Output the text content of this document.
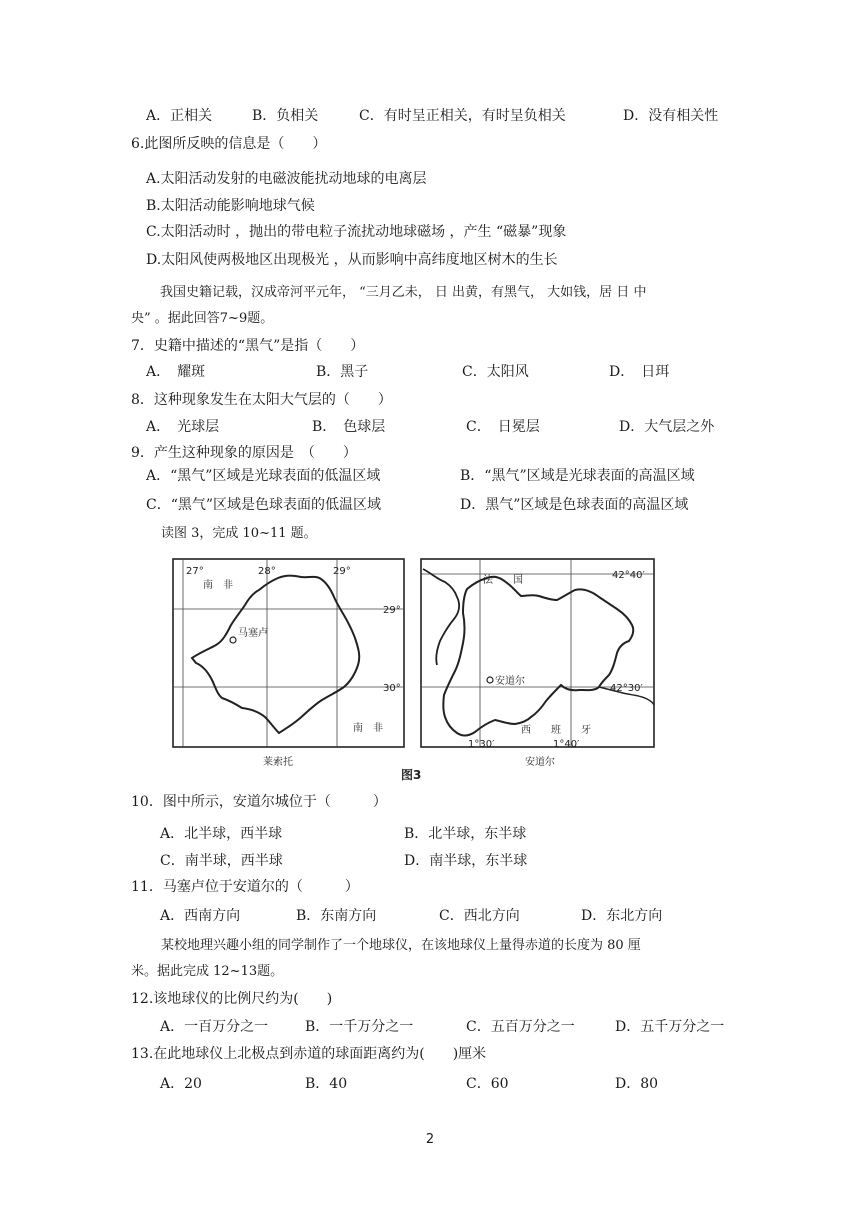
A．正相关	B．负相关	C．有时呈正相关，有时呈负相关	D．没有相关性
6.此图所反映的信息是（　　）
A.太阳活动发射的电磁波能扰动地球的电离层
B.太阳活动能影响地球气候
C.太阳活动时 ，抛出的带电粒子流扰动地球磁场 ，产生 “磁暴”现象
D.太阳风使两极地区出现极光 ，从而影响中高纬度地区树木的生长
我国史籍记载，汉成帝河平元年， “三月乙未， 日 出黄，有黑气， 大如钱，居 日 中
央” 。据此回答7~9题。
7．史籍中描述的“黑气”是指（　　）
A．　耀斑	B．黑子	C．太阳风	D．　日珥
8．这种现象发生在太阳大气层的（　　）
A．　光球层	B．　色球层	C．　日冕层	D．大气层之外
9．产生这种现象的原因是　（　　）
A．“黑气”区域是光球表面的低温区域	B．“黑气”区域是光球表面的高温区域
C．“黑气”区域是色球表面的低温区域	D．黑气”区域是色球表面的高温区域
读图 3，完成 10~11 题。
马塞卢
27°	28°	29°
29°
30°
南　非
南　非
莱索托
安道尔
法　　国	42°40′
42°30′
西　　班　　牙
1°30′	1°40′
安道尔
图3
10．图中所示，安道尔城位于（　　　）
A．北半球，西半球	B．北半球，东半球
C．南半球，西半球	D．南半球，东半球
11．马塞卢位于安道尔的（　　　）
A．西南方向	B．东南方向	C．西北方向	D．东北方向
某校地理兴趣小组的同学制作了一个地球仪，在该地球仪上量得赤道的长度为 80 厘
米。据此完成 12~13题。
12.该地球仪的比例尺约为(　　)
A．一百万分之一	B．一千万分之一	C．五百万分之一	D．五千万分之一
13.在此地球仪上北极点到赤道的球面距离约为(　　)厘米
A．20	B．40	C．60	D．80
2
